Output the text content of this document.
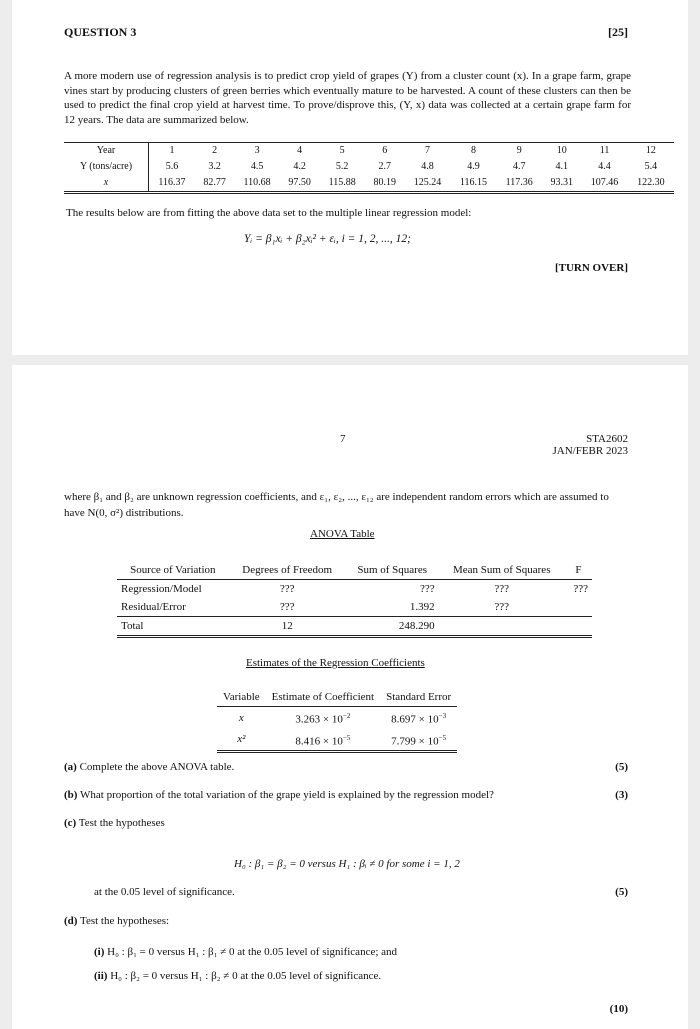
QUESTION 3	[25]

A more modern use of regression analysis is to predict crop yield of grapes (Y) from a cluster count (x). In a grape farm, grape vines start by producing clusters of green berries which eventually mature to be harvested. A count of these clusters can then be used to predict the final crop yield at harvest time. To prove/disprove this, (Y, x) data was collected at a certain grape farm for 12 years. The data are summarized below.

Year	1	2	3	4	5	6	7	8	9	10	11	12
Y (tons/acre)	5.6	3.2	4.5	4.2	5.2	2.7	4.8	4.9	4.7	4.1	4.4	5.4
x	116.37	82.77	110.68	97.50	115.88	80.19	125.24	116.15	117.36	93.31	107.46	122.30

The results below are from fitting the above data set to the multiple linear regression model:

Yᵢ = β₁xᵢ + β₂xᵢ² + εᵢ, i = 1, 2, ..., 12;

[TURN OVER]
7	STA2602
JAN/FEBR 2023

where β₁ and β₂ are unknown regression coefficients, and ε₁, ε₂, ..., ε₁₂ are independent random errors which are assumed to have N(0, σ²) distributions.

ANOVA Table
Source of Variation	Degrees of Freedom	Sum of Squares	Mean Sum of Squares	F
Regression/Model	???	???	???	???
Residual/Error	???	1.392	???	
Total	12	248.290		
Estimates of the Regression Coefficients
Variable	Estimate of Coefficient	Standard Error
x	$3.263 \times 10^{-2}$	$8.697 \times 10^{-3}$
x²	$8.416 \times 10^{-5}$	$7.799 \times 10^{-5}$
(a) Complete the above ANOVA table.	(5)
(b) What proportion of the total variation of the grape yield is explained by the regression model?	(3)
(c) Test the hypotheses
H₀ : β₁ = β₂ = 0 versus H₁ : βᵢ ≠ 0 for some i = 1, 2
at the 0.05 level of significance.	(5)
(d) Test the hypotheses:
(i) H₀ : β₁ = 0 versus H₁ : β₁ ≠ 0 at the 0.05 level of significance; and
(ii) H₀ : β₂ = 0 versus H₁ : β₂ ≠ 0 at the 0.05 level of significance.
(10)
